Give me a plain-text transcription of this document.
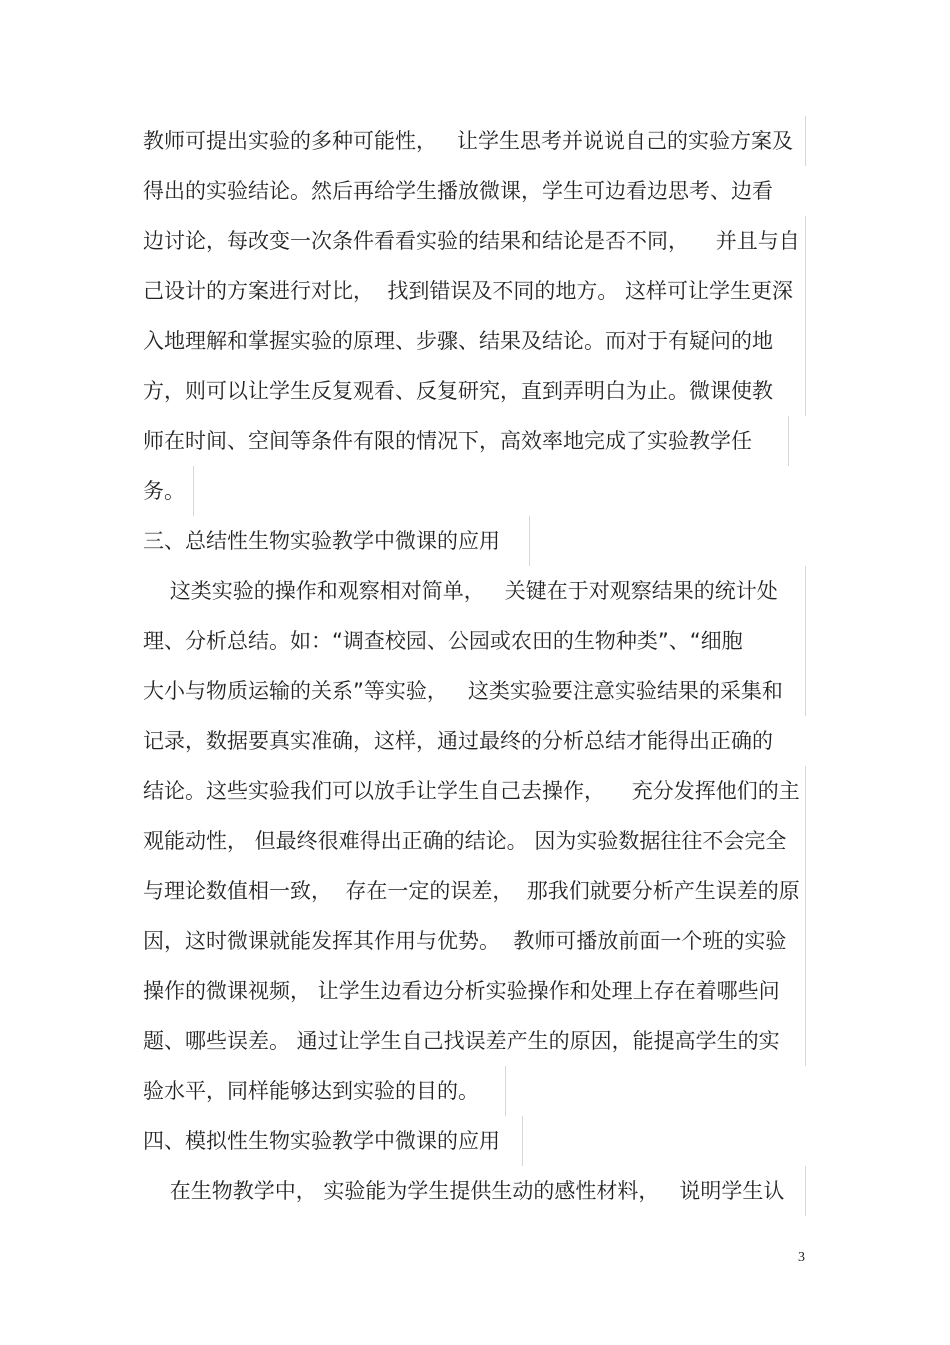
教师可提出实验的多种可能性，   让学生思考并说说自己的实验方案及
得出的实验结论。然后再给学生播放微课，学生可边看边思考、边看
边讨论，每改变一次条件看看实验的结果和结论是否不同，    并且与自
己设计的方案进行对比，  找到错误及不同的地方。 这样可让学生更深
入地理解和掌握实验的原理、步骤、结果及结论。而对于有疑问的地
方，则可以让学生反复观看、反复研究，直到弄明白为止。微课使教
师在时间、空间等条件有限的情况下，高效率地完成了实验教学任
务。
三、总结性生物实验教学中微课的应用
这类实验的操作和观察相对简单，   关键在于对观察结果的统计处
理、分析总结。如：“调查校园、公园或农田的生物种类”、“细胞
大小与物质运输的关系”等实验，   这类实验要注意实验结果的采集和
记录，数据要真实准确，这样，通过最终的分析总结才能得出正确的
结论。这些实验我们可以放手让学生自己去操作，    充分发挥他们的主
观能动性， 但最终很难得出正确的结论。 因为实验数据往往不会完全
与理论数值相一致，  存在一定的误差，  那我们就要分析产生误差的原
因，这时微课就能发挥其作用与优势。  教师可播放前面一个班的实验
操作的微课视频， 让学生边看边分析实验操作和处理上存在着哪些问
题、哪些误差。 通过让学生自己找误差产生的原因，能提高学生的实
验水平，同样能够达到实验的目的。
四、模拟性生物实验教学中微课的应用
在生物教学中， 实验能为学生提供生动的感性材料，   说明学生认
3
